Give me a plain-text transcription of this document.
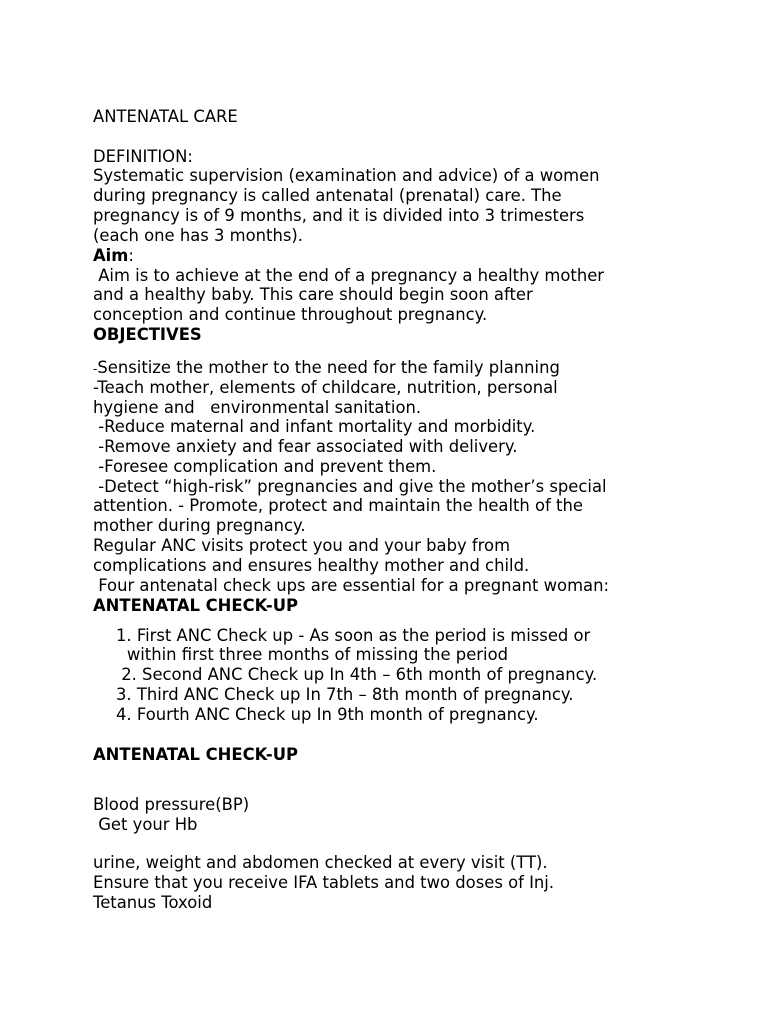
ANTENATAL CARE
DEFINITION:
Systematic supervision (examination and advice) of a women
during pregnancy is called antenatal (prenatal) care. The
pregnancy is of 9 months, and it is divided into 3 trimesters
(each one has 3 months).
Aim:
Aim is to achieve at the end of a pregnancy a healthy mother
and a healthy baby. This care should begin soon after
conception and continue throughout pregnancy.
OBJECTIVES
-Sensitize the mother to the need for the family planning
-Teach mother, elements of childcare, nutrition, personal
hygiene and   environmental sanitation.
-Reduce maternal and infant mortality and morbidity.
-Remove anxiety and fear associated with delivery.
-Foresee complication and prevent them.
-Detect “high-risk” pregnancies and give the mother’s special
attention. - Promote, protect and maintain the health of the
mother during pregnancy.
Regular ANC visits protect you and your baby from
complications and ensures healthy mother and child.
Four antenatal check ups are essential for a pregnant woman:
ANTENATAL CHECK-UP
1. First ANC Check up - As soon as the period is missed or
within first three months of missing the period
2. Second ANC Check up In 4th – 6th month of pregnancy.
3. Third ANC Check up In 7th – 8th month of pregnancy.
4. Fourth ANC Check up In 9th month of pregnancy.
ANTENATAL CHECK-UP
Blood pressure(BP)
Get your Hb
urine, weight and abdomen checked at every visit (TT).
Ensure that you receive IFA tablets and two doses of Inj.
Tetanus Toxoid
